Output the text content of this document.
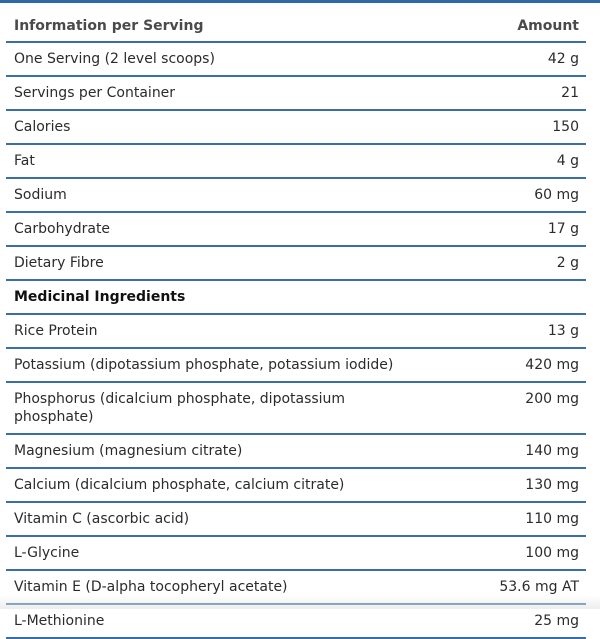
Information per Serving	Amount
One Serving (2 level scoops)	42 g
Servings per Container	21
Calories	150
Fat	4 g
Sodium	60 mg
Carbohydrate	17 g
Dietary Fibre	2 g
Medicinal Ingredients	
Rice Protein	13 g
Potassium (dipotassium phosphate, potassium iodide)	420 mg
Phosphorus (dicalcium phosphate, dipotassium phosphate)	200 mg
Magnesium (magnesium citrate)	140 mg
Calcium (dicalcium phosphate, calcium citrate)	130 mg
Vitamin C (ascorbic acid)	110 mg
L-Glycine	100 mg
Vitamin E (D-alpha tocopheryl acetate)	53.6 mg AT
L-Methionine	25 mg
